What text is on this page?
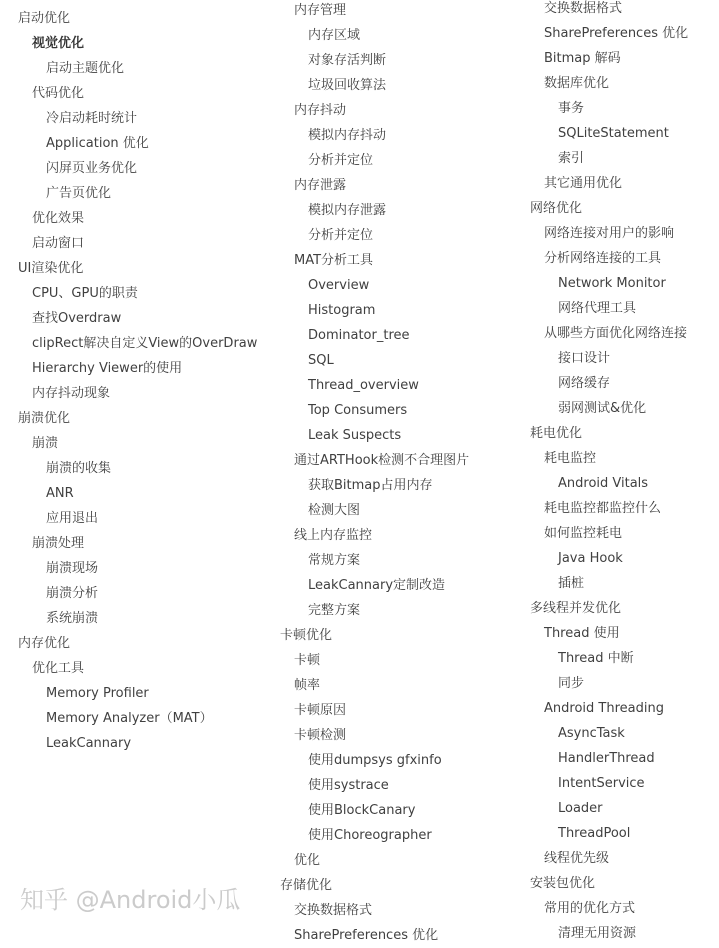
启动优化
视觉优化
启动主题优化
代码优化
冷启动耗时统计
Application 优化
闪屏页业务优化
广告页优化
优化效果
启动窗口
UI渲染优化
CPU、GPU的职责
查找Overdraw
clipRect解决自定义View的OverDraw
Hierarchy Viewer的使用
内存抖动现象
崩溃优化
崩溃
崩溃的收集
ANR
应用退出
崩溃处理
崩溃现场
崩溃分析
系统崩溃
内存优化
优化工具
Memory Profiler
Memory Analyzer（MAT）
LeakCannary
内存管理
内存区域
对象存活判断
垃圾回收算法
内存抖动
模拟内存抖动
分析并定位
内存泄露
模拟内存泄露
分析并定位
MAT分析工具
Overview
Histogram
Dominator_tree
SQL
Thread_overview
Top Consumers
Leak Suspects
通过ARTHook检测不合理图片
获取Bitmap占用内存
检测大图
线上内存监控
常规方案
LeakCannary定制改造
完整方案
卡顿优化
卡顿
帧率
卡顿原因
卡顿检测
使用dumpsys gfxinfo
使用systrace
使用BlockCanary
使用Choreographer
优化
存储优化
交换数据格式
SharePreferences 优化
交换数据格式
SharePreferences 优化
Bitmap 解码
数据库优化
事务
SQLiteStatement
索引
其它通用优化
网络优化
网络连接对用户的影响
分析网络连接的工具
Network Monitor
网络代理工具
从哪些方面优化网络连接
接口设计
网络缓存
弱网测试&优化
耗电优化
耗电监控
Android Vitals
耗电监控都监控什么
如何监控耗电
Java Hook
插桩
多线程并发优化
Thread 使用
Thread 中断
同步
Android Threading
AsyncTask
HandlerThread
IntentService
Loader
ThreadPool
线程优先级
安装包优化
常用的优化方式
清理无用资源
知乎 @Android小瓜
